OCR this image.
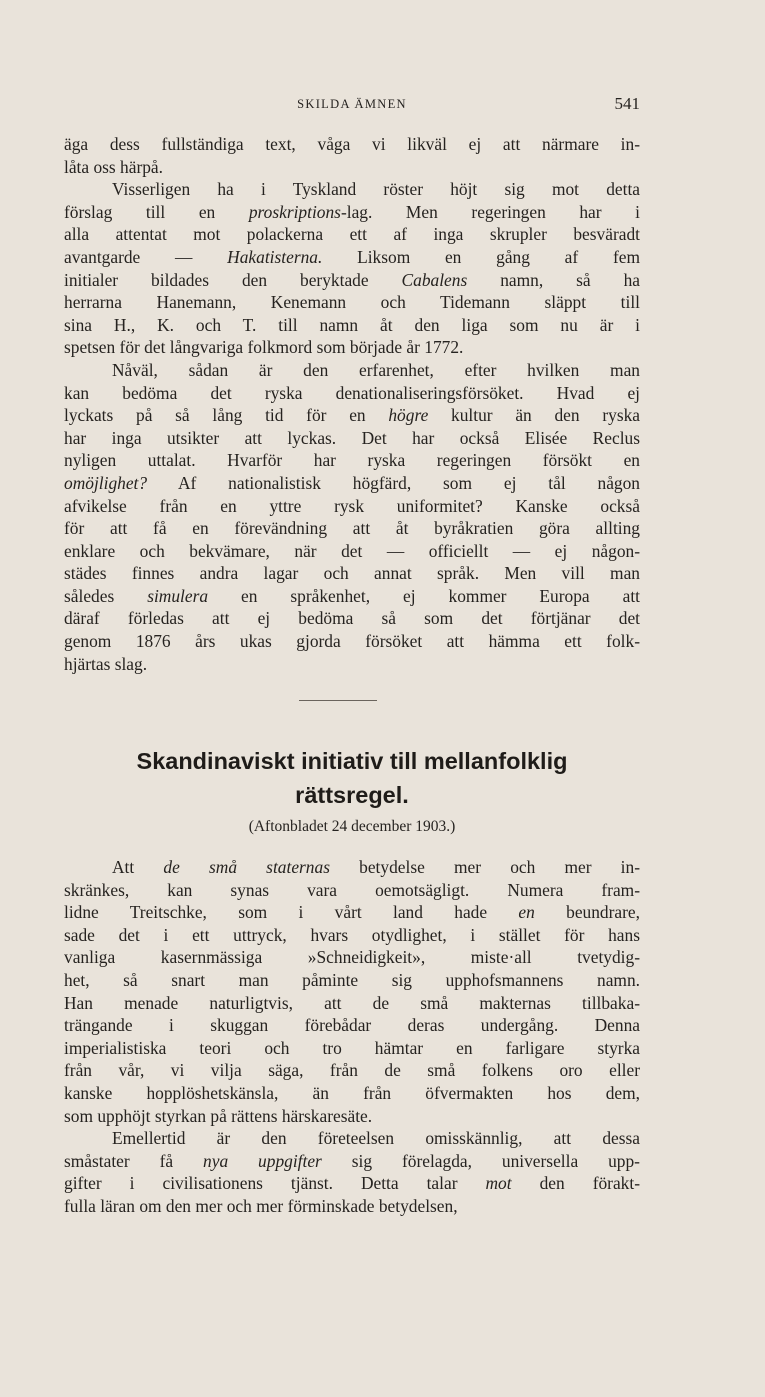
SKILDA ÄMNEN	541
äga dess fullständiga text, våga vi likväl ej att närmare in-
låta oss härpå.
Visserligen ha i Tyskland röster höjt sig mot detta
förslag till en proskriptions-lag. Men regeringen har i
alla attentat mot polackerna ett af inga skrupler besväradt
avantgarde — Hakatisterna. Liksom en gång af fem
initialer bildades den beryktade Cabalens namn, så ha
herrarna Hanemann, Kenemann och Tidemann släppt till
sina H., K. och T. till namn åt den liga som nu är i
spetsen för det långvariga folkmord som började år 1772.
Nåväl, sådan är den erfarenhet, efter hvilken man
kan bedöma det ryska denationaliseringsförsöket. Hvad ej
lyckats på så lång tid för en högre kultur än den ryska
har inga utsikter att lyckas. Det har också Elisée Reclus
nyligen uttalat. Hvarför har ryska regeringen försökt en
omöjlighet? Af nationalistisk högfärd, som ej tål någon
afvikelse från en yttre rysk uniformitet? Kanske också
för att få en förevändning att åt byråkratien göra allting
enklare och bekvämare, när det — officiellt — ej någon-
städes finnes andra lagar och annat språk. Men vill man
således simulera en språkenhet, ej kommer Europa att
däraf förledas att ej bedöma så som det förtjänar det
genom 1876 års ukas gjorda försöket att hämma ett folk-
hjärtas slag.
Skandinaviskt initiativ till mellanfolklig
rättsregel.
(Aftonbladet 24 december 1903.)
Att de små staternas betydelse mer och mer in-
skränkes, kan synas vara oemotsägligt. Numera fram-
lidne Treitschke, som i vårt land hade en beundrare,
sade det i ett uttryck, hvars otydlighet, i stället för hans
vanliga kasernmässiga »Schneidigkeit», miste·all tvetydig-
het, så snart man påminte sig upphofsmannens namn.
Han menade naturligtvis, att de små makternas tillbaka-
trängande i skuggan förebådar deras undergång. Denna
imperialistiska teori och tro hämtar en farligare styrka
från vår, vi vilja säga, från de små folkens oro eller
kanske hopplöshetskänsla, än från öfvermakten hos dem,
som upphöjt styrkan på rättens härskaresäte.
Emellertid är den företeelsen omisskännlig, att dessa
småstater få nya uppgifter sig förelagda, universella upp-
gifter i civilisationens tjänst. Detta talar mot den förakt-
fulla läran om den mer och mer förminskade betydelsen,
